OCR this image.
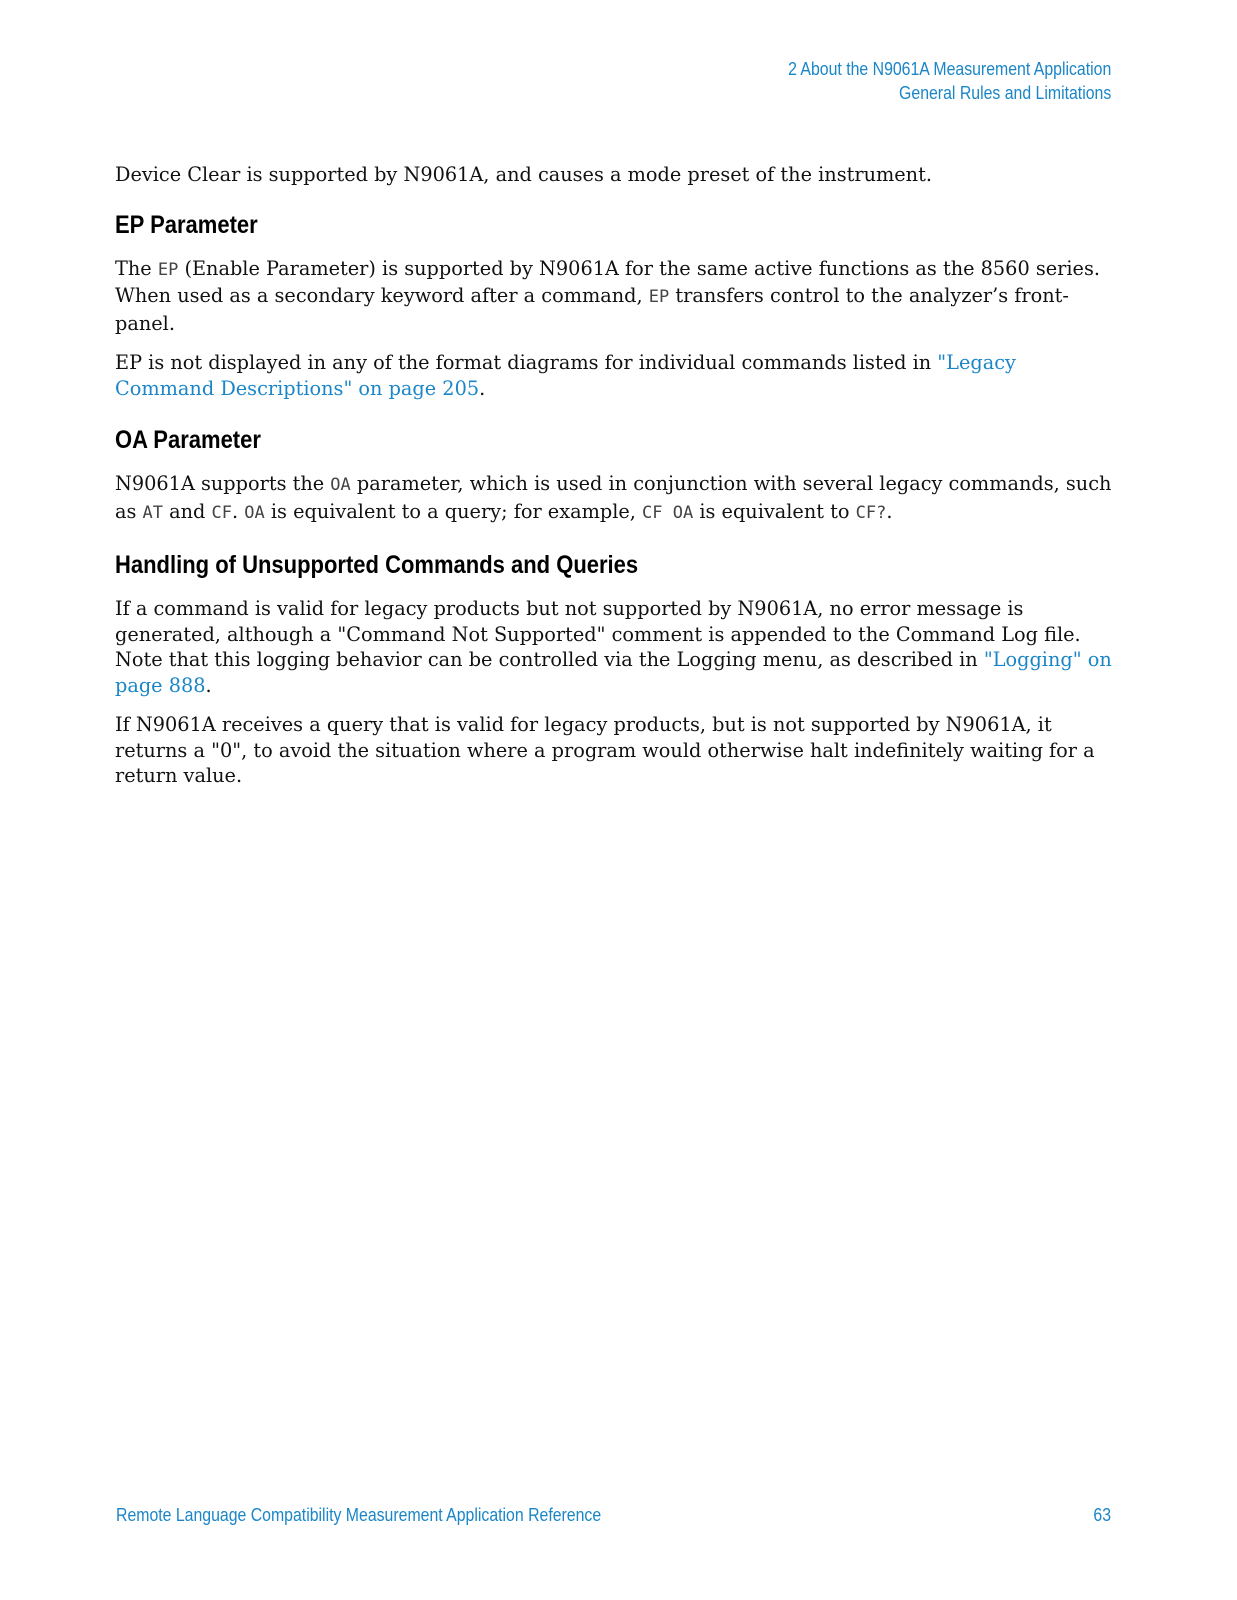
2 About the N9061A Measurement Application
General Rules and Limitations

Device Clear is supported by N9061A, and causes a mode preset of the instrument.

EP Parameter

The EP (Enable Parameter) is supported by N9061A for the same active functions as the 8560 series. When used as a secondary keyword after a command, EP transfers control to the analyzer’s front-panel.

EP is not displayed in any of the format diagrams for individual commands listed in "Legacy Command Descriptions" on page 205.

OA Parameter

N9061A supports the OA parameter, which is used in conjunction with several legacy commands, such as AT and CF. OA is equivalent to a query; for example, CF OA is equivalent to CF?.

Handling of Unsupported Commands and Queries

If a command is valid for legacy products but not supported by N9061A, no error message is generated, although a "Command Not Supported" comment is appended to the Command Log file. Note that this logging behavior can be controlled via the Logging menu, as described in "Logging" on page 888.

If N9061A receives a query that is valid for legacy products, but is not supported by N9061A, it returns a "0", to avoid the situation where a program would otherwise halt indefinitely waiting for a return value.

Remote Language Compatibility Measurement Application Reference	63
